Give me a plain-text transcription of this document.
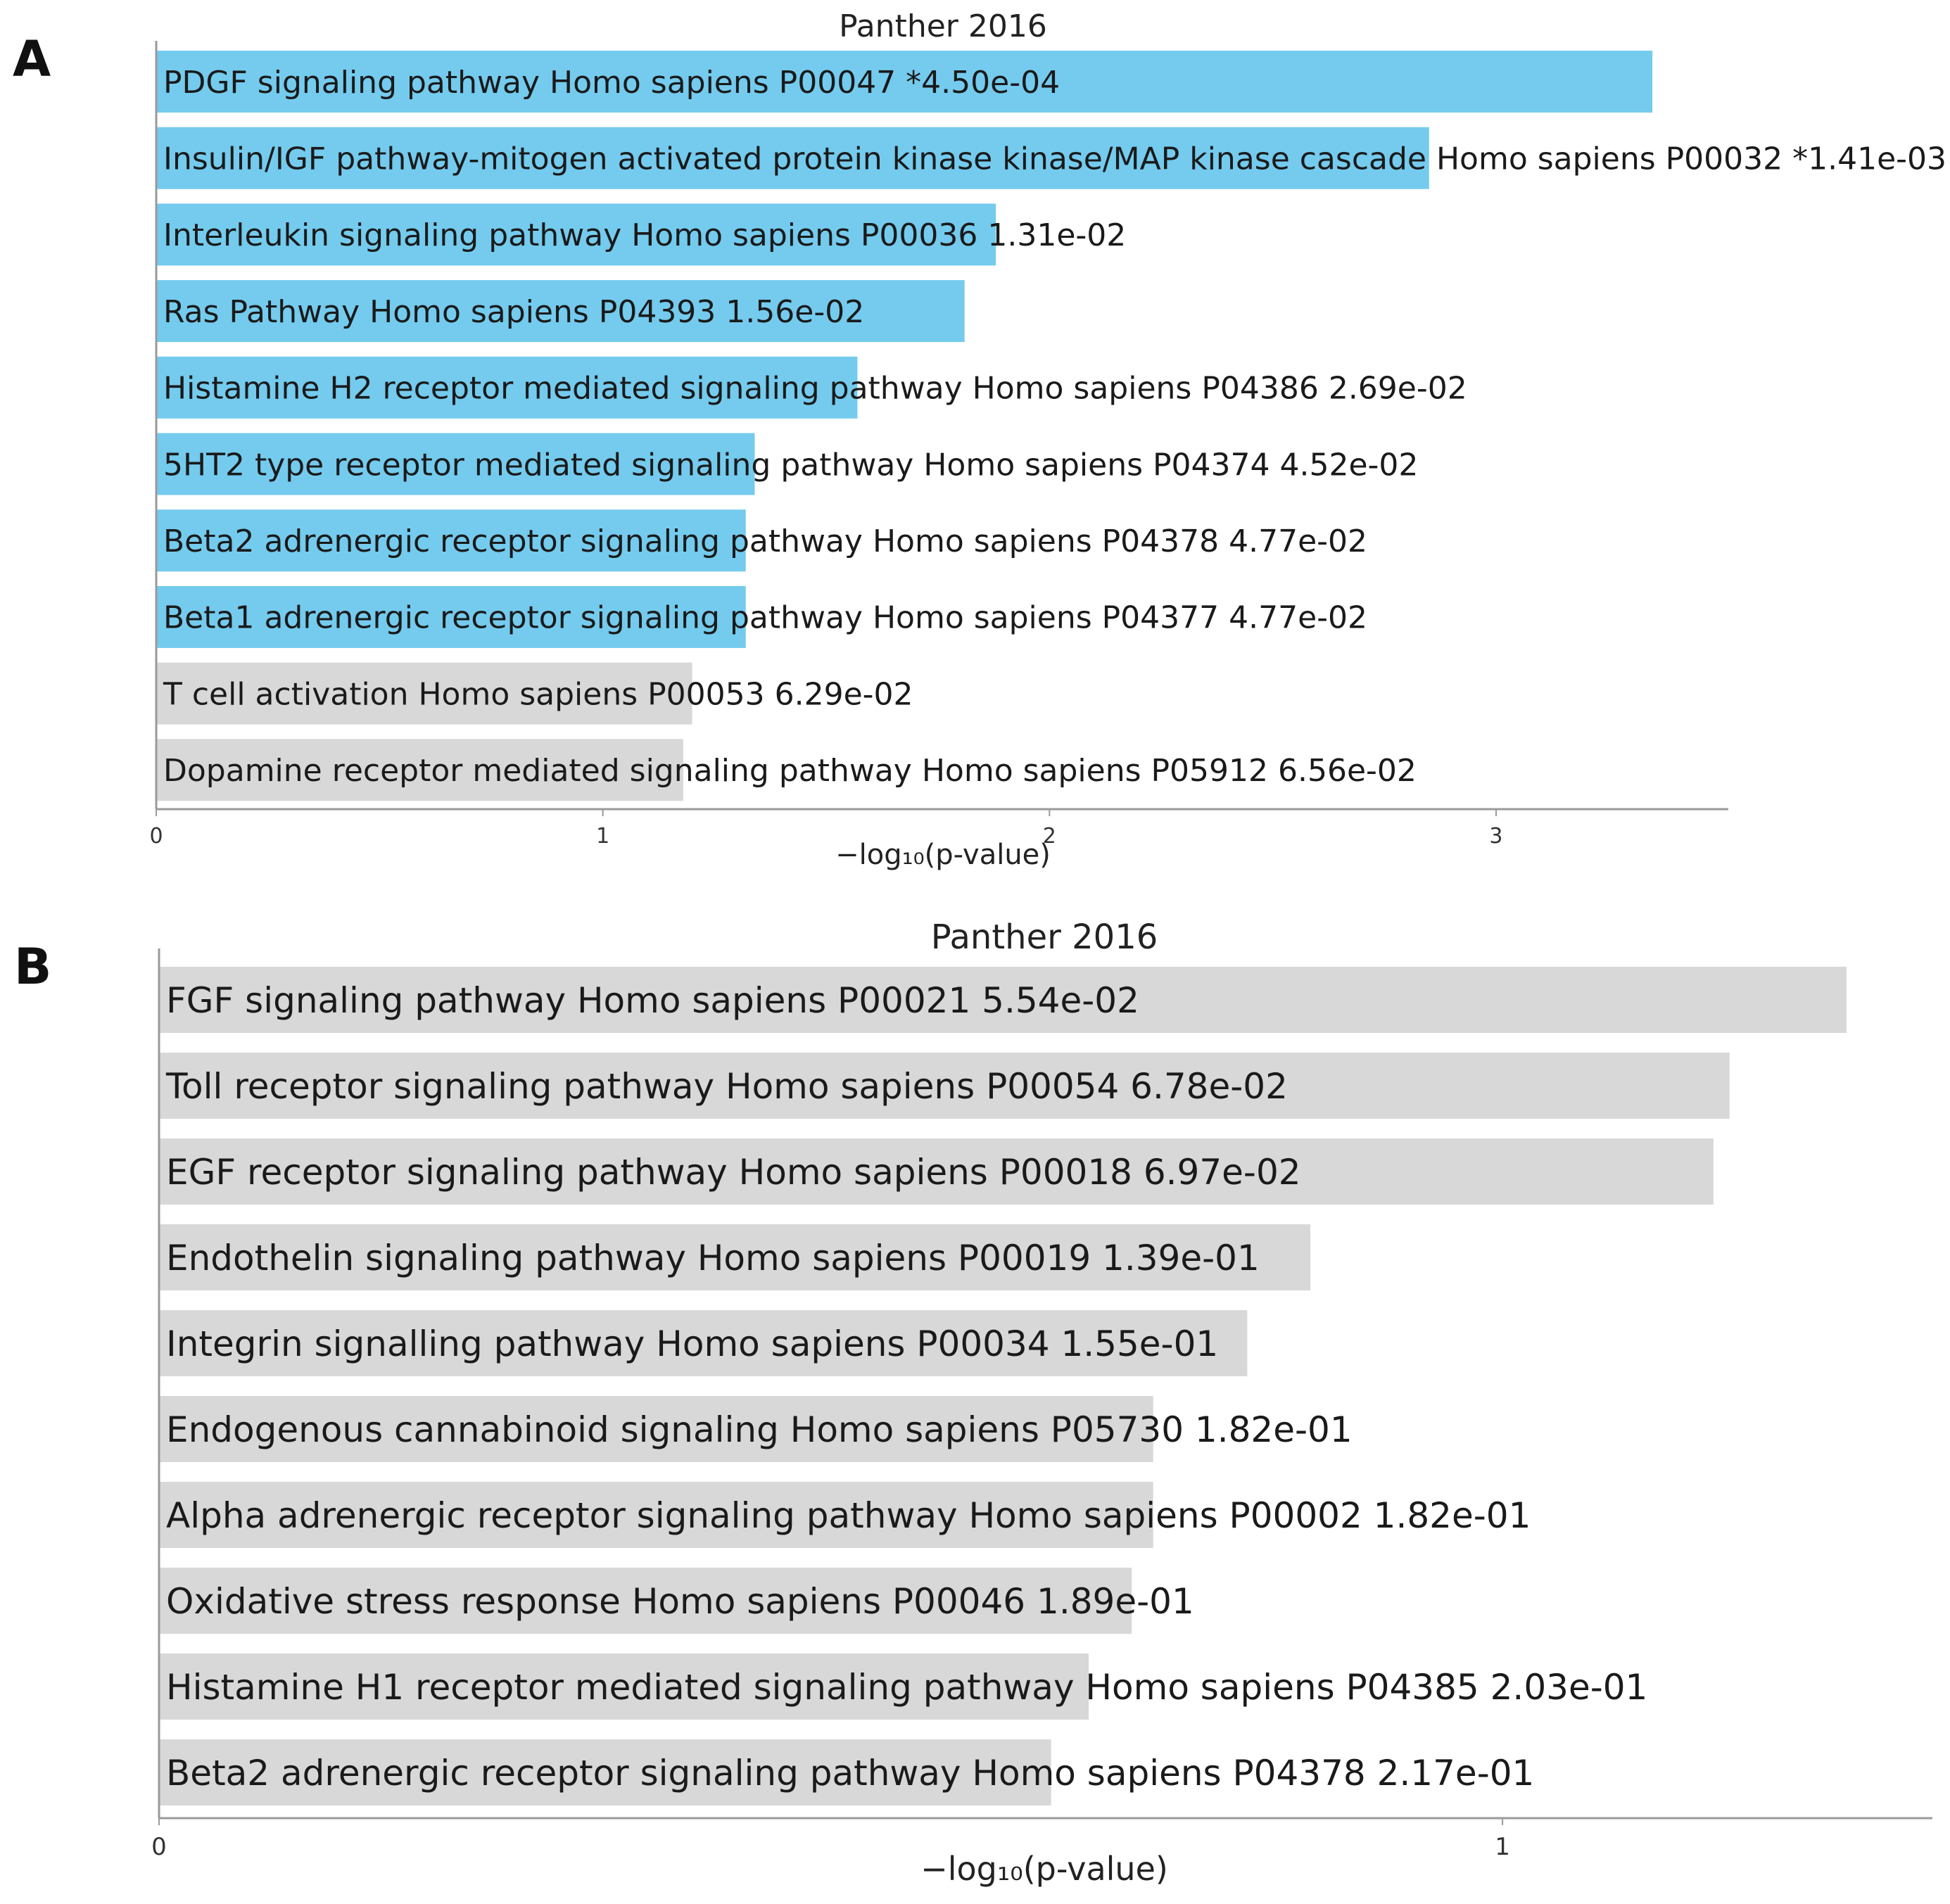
A
Panther 2016
PDGF signaling pathway Homo sapiens P00047 *4.50e-04
Insulin/IGF pathway-mitogen activated protein kinase kinase/MAP kinase cascade Homo sapiens P00032 *1.41e-03
Interleukin signaling pathway Homo sapiens P00036 1.31e-02
Ras Pathway Homo sapiens P04393 1.56e-02
Histamine H2 receptor mediated signaling pathway Homo sapiens P04386 2.69e-02
5HT2 type receptor mediated signaling pathway Homo sapiens P04374 4.52e-02
Beta2 adrenergic receptor signaling pathway Homo sapiens P04378 4.77e-02
Beta1 adrenergic receptor signaling pathway Homo sapiens P04377 4.77e-02
T cell activation Homo sapiens P00053 6.29e-02
Dopamine receptor mediated signaling pathway Homo sapiens P05912 6.56e-02
0	1	2	3
−log₁₀(p-value)
B
Panther 2016
FGF signaling pathway Homo sapiens P00021 5.54e-02
Toll receptor signaling pathway Homo sapiens P00054 6.78e-02
EGF receptor signaling pathway Homo sapiens P00018 6.97e-02
Endothelin signaling pathway Homo sapiens P00019 1.39e-01
Integrin signalling pathway Homo sapiens P00034 1.55e-01
Endogenous cannabinoid signaling Homo sapiens P05730 1.82e-01
Alpha adrenergic receptor signaling pathway Homo sapiens P00002 1.82e-01
Oxidative stress response Homo sapiens P00046 1.89e-01
Histamine H1 receptor mediated signaling pathway Homo sapiens P04385 2.03e-01
Beta2 adrenergic receptor signaling pathway Homo sapiens P04378 2.17e-01
0	1
−log₁₀(p-value)
